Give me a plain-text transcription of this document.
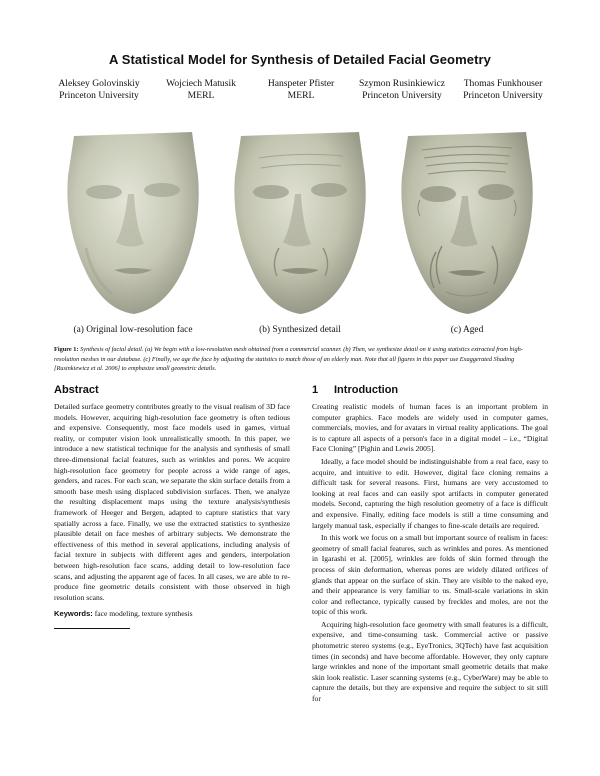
A Statistical Model for Synthesis of Detailed Facial Geometry
Aleksey Golovinskiy
Princeton University
Wojciech Matusik
MERL
Hanspeter Pfister
MERL
Szymon Rusinkiewicz
Princeton University
Thomas Funkhouser
Princeton University
(a) Original low-resolution face	(b) Synthesized detail	(c) Aged
Figure 1: Synthesis of facial detail. (a) We begin with a low-resolution mesh obtained from a commercial scanner. (b) Then, we synthesize detail on it using statistics extracted from high-resolution meshes in our database. (c) Finally, we age the face by adjusting the statistics to match those of an elderly man. Note that all figures in this paper use Exaggerated Shading [Rusinkiewicz et al. 2006] to emphasize small geometric details.
Abstract

Detailed surface geometry contributes greatly to the visual realism of 3D face models. However, acquiring high-resolution face geometry is often tedious and expensive. Consequently, most face models used in games, virtual reality, or computer vision look unrealistically smooth. In this paper, we introduce a new statistical technique for the analysis and synthesis of small three-dimensional facial features, such as wrinkles and pores. We acquire high-resolution face geometry for people across a wide range of ages, genders, and races. For each scan, we separate the skin surface details from a smooth base mesh using displaced subdivision surfaces. Then, we analyze the resulting displacement maps using the texture analysis/synthesis framework of Heeger and Bergen, adapted to capture statistics that vary spatially across a face. Finally, we use the extracted statistics to synthesize plausible detail on face meshes of arbitrary subjects. We demonstrate the effectiveness of this method in several applications, including analysis of facial texture in subjects with different ages and genders, interpolation between high-resolution face scans, adding detail to low-resolution face scans, and adjusting the apparent age of faces. In all cases, we are able to re-produce fine geometric details consistent with those observed in high resolution scans.

Keywords: face modeling, texture synthesis
1 Introduction

Creating realistic models of human faces is an important problem in computer graphics. Face models are widely used in computer games, commercials, movies, and for avatars in virtual reality applications. The goal is to capture all aspects of a person's face in a digital model – i.e., “Digital Face Cloning” [Pighin and Lewis 2005].

Ideally, a face model should be indistinguishable from a real face, easy to acquire, and intuitive to edit. However, digital face cloning remains a difficult task for several reasons. First, humans are very accustomed to looking at real faces and can easily spot artifacts in computer generated models. Second, capturing the high resolution geometry of a face is difficult and expensive. Finally, editing face models is still a time consuming and largely manual task, especially if changes to fine-scale details are required.

In this work we focus on a small but important source of realism in faces: geometry of small facial features, such as wrinkles and pores. As mentioned in Igarashi et al. [2005], wrinkles are folds of skin formed through the process of skin deformation, whereas pores are widely dilated orifices of glands that appear on the surface of skin. They are visible to the naked eye, and their appearance is very familiar to us. Small-scale variations in skin color and reflectance, typically caused by freckles and moles, are not the topic of this work.

Acquiring high-resolution face geometry with small features is a difficult, expensive, and time-consuming task. Commercial active or passive photometric stereo systems (e.g., EyeTronics, 3QTech) have fast acquisition times (in seconds) and have become affordable. However, they only capture large wrinkles and none of the important small geometric details that make skin look realistic. Laser scanning systems (e.g., CyberWare) may be able to capture the details, but they are expensive and require the subject to sit still for
